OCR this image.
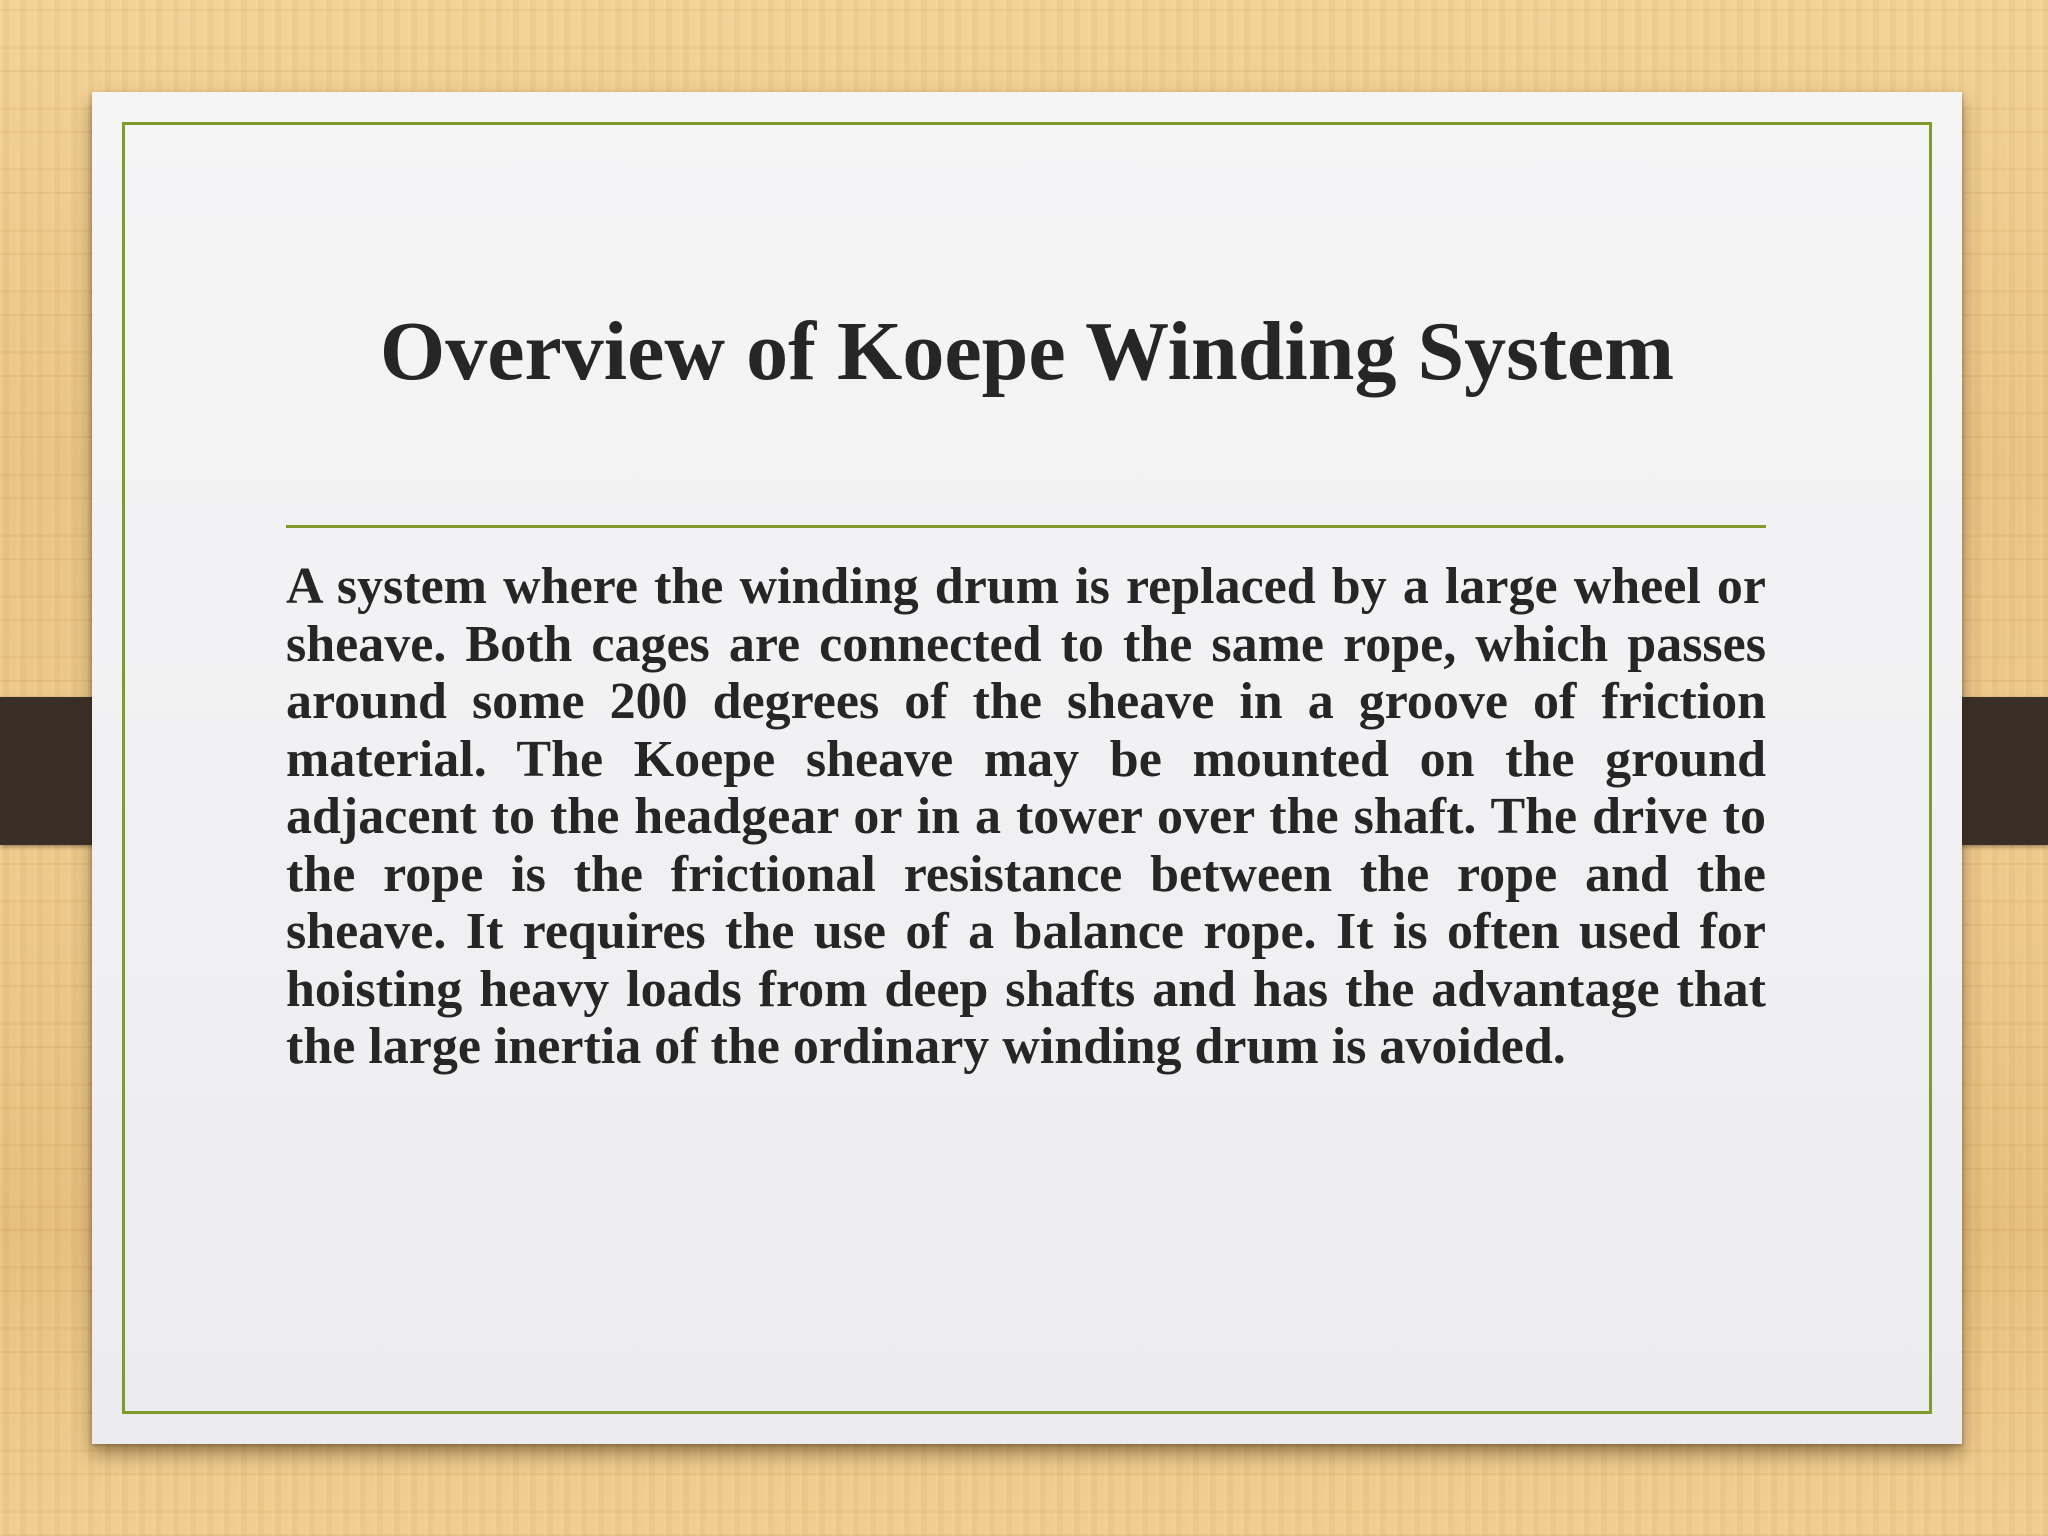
Overview of Koepe Winding System

A system where the winding drum is replaced by a large wheel or sheave. Both cages are connected to the same rope, which passes around some 200 degrees of the sheave in a groove of friction material. The Koepe sheave may be mounted on the ground adjacent to the headgear or in a tower over the shaft. The drive to the rope is the frictional resistance between the rope and the sheave. It requires the use of a balance rope. It is often used for hoisting heavy loads from deep shafts and has the advantage that the large inertia of the ordinary winding drum is avoided.
